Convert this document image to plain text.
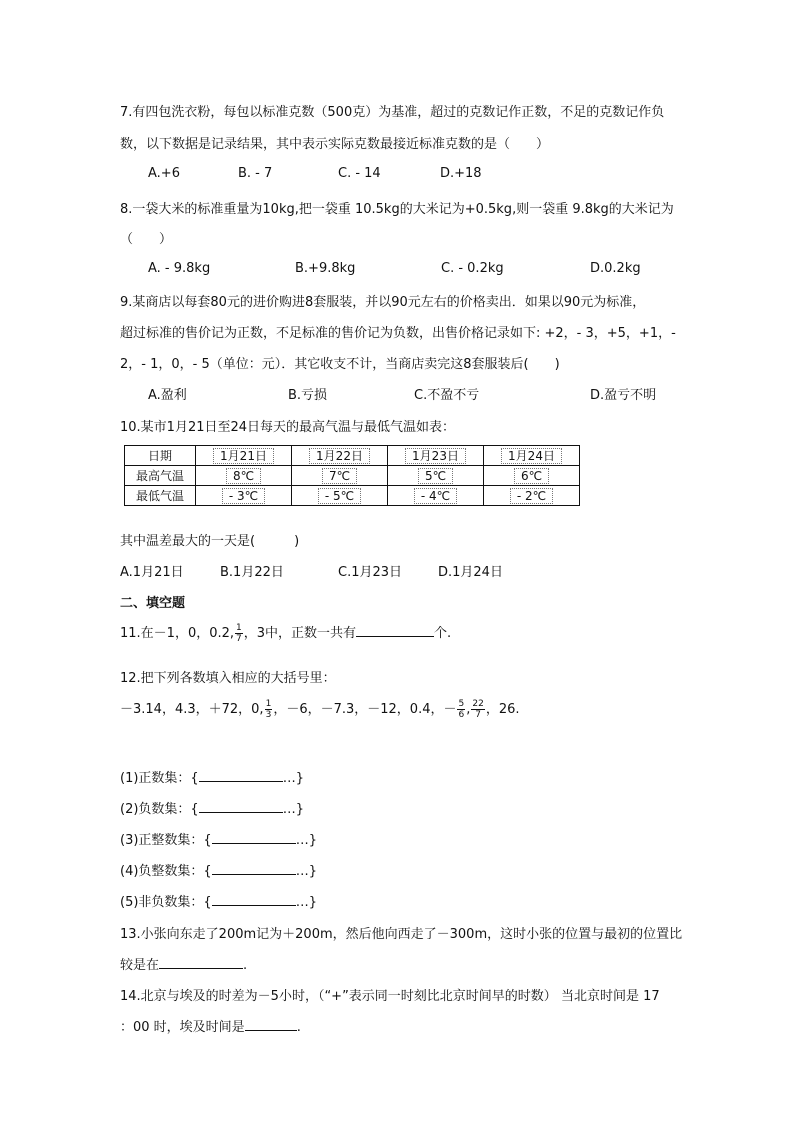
7.有四包洗衣粉，每包以标准克数（500克）为基准，超过的克数记作正数，不足的克数记作负
数，以下数据是记录结果，其中表示实际克数最接近标准克数的是（　　）
A.+6	B. - 7	C. - 14	D.+18
8.一袋大米的标准重量为10kg,把一袋重 10.5kg的大米记为+0.5kg,则一袋重 9.8kg的大米记为
（　　）
A. - 9.8kg	B.+9.8kg	C. - 0.2kg	D.0.2kg
9.某商店以每套80元的进价购进8套服装，并以90元左右的价格卖出．如果以90元为标准，
超过标准的售价记为正数，不足标准的售价记为负数，出售价格记录如下: +2，- 3，+5，+1，-
2，- 1，0，- 5（单位：元）．其它收支不计，当商店卖完这8套服装后(　　)
A.盈利	B.亏损	C.不盈不亏	D.盈亏不明
10.某市1月21日至24日每天的最高气温与最低气温如表：
日期	1月21日	1月22日	1月23日	1月24日
最高气温	8℃	7℃	5℃	6℃
最低气温	- 3℃	- 5℃	- 4℃	- 2℃
其中温差最大的一天是(　　　)
A.1月21日	B.1月22日	C.1月23日	D.1月24日
二、填空题
11.在－1，0，0.2, $\frac{1}{7}$ ，3中，正数一共有	个.
12.把下列各数填入相应的大括号里：
－3.14，4.3，＋72，0, $\frac{1}{3}$ ，－6，－7.3，－12，0.4，－ $\frac{5}{6}$ , $\frac{22}{7}$ ，26.
(1)正数集：{	…}
(2)负数集：{	…}
(3)正整数集：{	…}
(4)负整数集：{	…}
(5)非负数集：{	…}
13.小张向东走了200m记为＋200m，然后他向西走了－300m，这时小张的位置与最初的位置比
较是在	.
14.北京与埃及的时差为－5小时，（“+”表示同一时刻比北京时间早的时数） 当北京时间是 17
：00 时，埃及时间是	.
